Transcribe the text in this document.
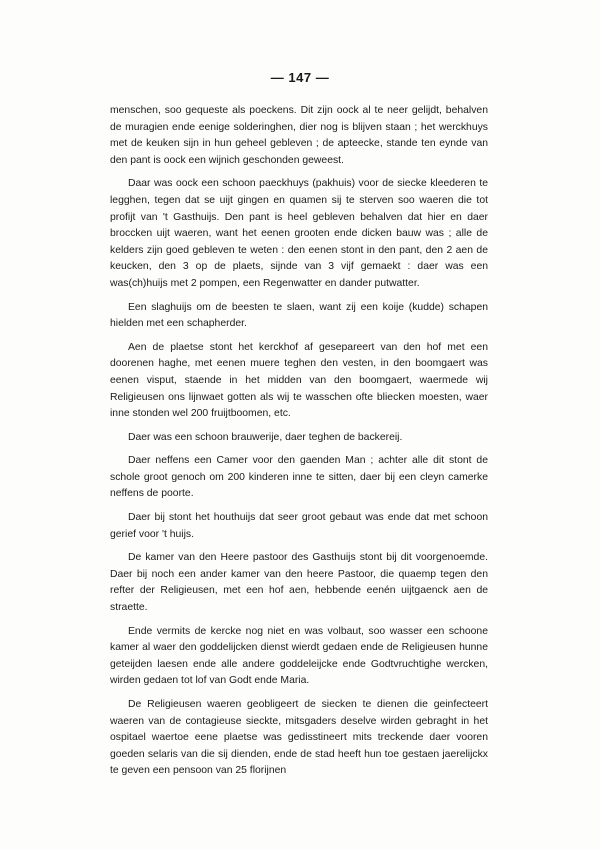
— 147 —

menschen, soo gequeste als poeckens. Dit zijn oock al te neer gelijdt, behalven de muragien ende eenige solderinghen, dier nog is blijven staan ; het werckhuys met de keuken sijn in hun geheel gebleven ; de apteecke, stande ten eynde van den pant is oock een wijnich geschonden geweest.

Daar was oock een schoon paeckhuys (pakhuis) voor de siecke kleederen te legghen, tegen dat se uijt gingen en quamen sij te sterven soo waeren die tot profijt van 't Gasthuijs. Den pant is heel gebleven behalven dat hier en daer broccken uijt waeren, want het eenen grooten ende dicken bauw was ; alle de kelders zijn goed gebleven te weten : den eenen stont in den pant, den 2 aen de keucken, den 3 op de plaets, sijnde van 3 vijf gemaekt : daer was een was(ch)huijs met 2 pompen, een Regenwatter en dander putwatter.

Een slaghuijs om de beesten te slaen, want zij een koije (kudde) schapen hielden met een schapherder.

Aen de plaetse stont het kerckhof af gesepareert van den hof met een doorenen haghe, met eenen muere teghen den vesten, in den boomgaert was eenen visput, staende in het midden van den boomgaert, waermede wij Religieusen ons lijnwaet gotten als wij te wasschen ofte bliecken moesten, waer inne stonden wel 200 fruijtboomen, etc.

Daer was een schoon brauwerije, daer teghen de backereij.

Daer neffens een Camer voor den gaenden Man ; achter alle dit stont de schole groot genoch om 200 kinderen inne te sitten, daer bij een cleyn camerke neffens de poorte.

Daer bij stont het houthuijs dat seer groot gebaut was ende dat met schoon gerief voor 't huijs.

De kamer van den Heere pastoor des Gasthuijs stont bij dit voorgenoemde. Daer bij noch een ander kamer van den heere Pastoor, die quaemp tegen den refter der Religieusen, met een hof aen, hebbende eenén uijtgaenck aen de straette.

Ende vermits de kercke nog niet en was volbaut, soo wasser een schoone kamer al waer den goddelijcken dienst wierdt gedaen ende de Religieusen hunne geteijden laesen ende alle andere goddeleijcke ende Godtvruchtighe wercken, wirden gedaen tot lof van Godt ende Maria.

De Religieusen waeren geobligeert de siecken te dienen die geinfecteert waeren van de contagieuse sieckte, mitsgaders deselve wirden gebraght in het ospitael waertoe eene plaetse was gedisstineert mits treckende daer vooren goeden selaris van die sij dienden, ende de stad heeft hun toe gestaen jaerelijckx te geven een pensoon van 25 florijnen
